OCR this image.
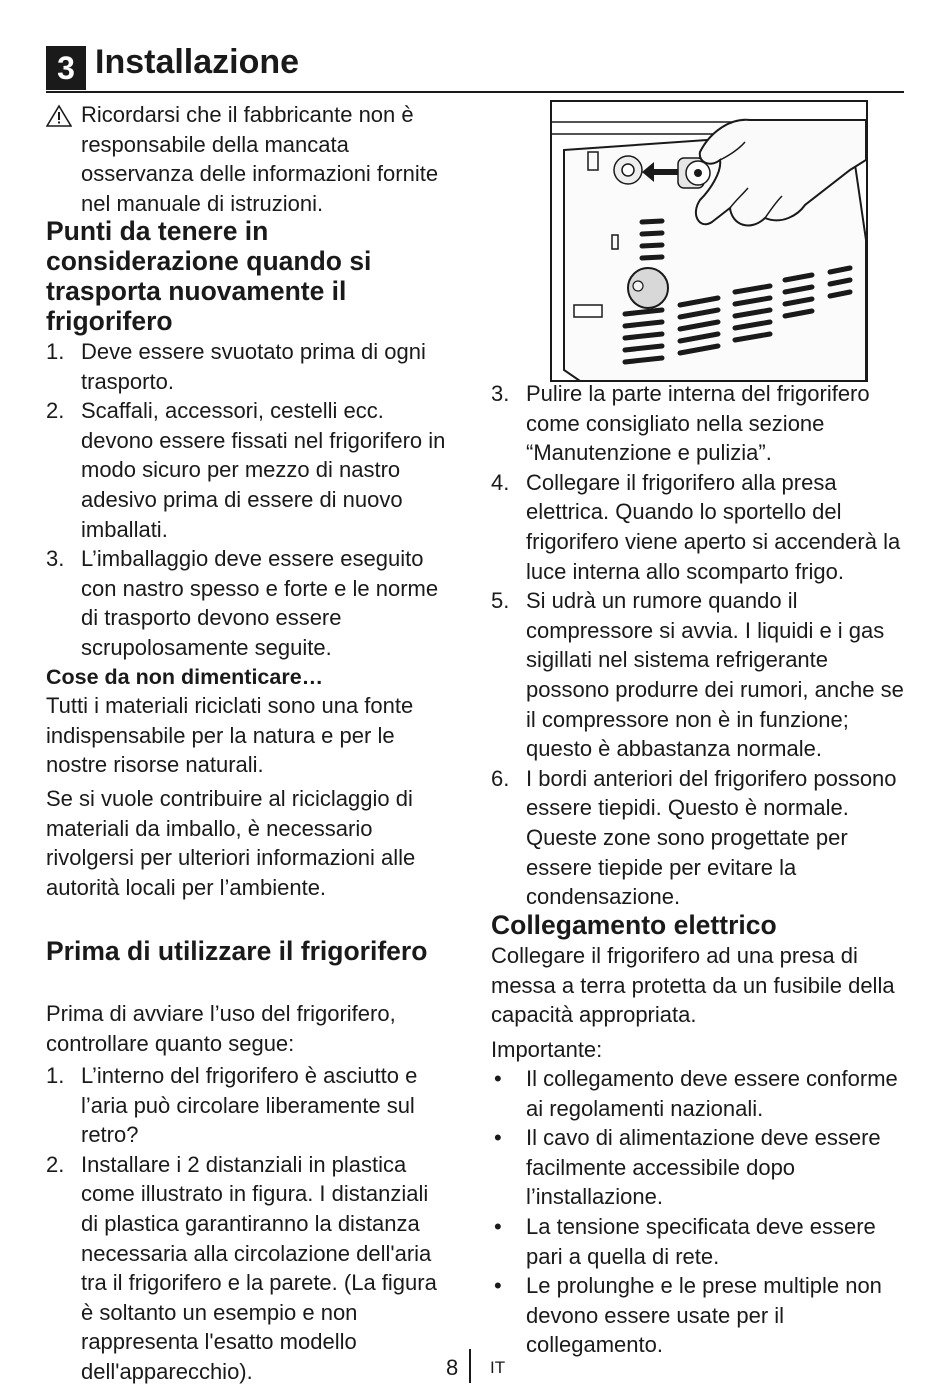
3 Installazione
Ricordarsi che il fabbricante non è responsabile della mancata osservanza delle informazioni fornite nel manuale di istruzioni.
Punti da tenere in considerazione quando si trasporta nuovamente il frigorifero
1. Deve essere svuotato prima di ogni trasporto.
2. Scaffali, accessori, cestelli ecc. devono essere fissati nel frigorifero in modo sicuro per mezzo di nastro adesivo prima di essere di nuovo imballati.
3. L’imballaggio deve essere eseguito con nastro spesso e forte e le norme di trasporto devono essere scrupolosamente seguite.
Cose da non dimenticare…
Tutti i materiali riciclati sono una fonte indispensabile per la natura e per le nostre risorse naturali.
Se si vuole contribuire al riciclaggio di materiali da imballo, è necessario rivolgersi per ulteriori informazioni alle autorità locali per l’ambiente.
Prima di utilizzare il frigorifero
Prima di avviare l’uso del frigorifero, controllare quanto segue:
1. L’interno del frigorifero è asciutto e l’aria può circolare liberamente sul retro?
2. Installare i 2 distanziali in plastica come illustrato in figura. I distanziali di plastica garantiranno la distanza necessaria alla circolazione dell'aria tra il frigorifero e la parete. (La figura è soltanto un esempio e non rappresenta l'esatto modello dell'apparecchio).
3. Pulire la parte interna del frigorifero come consigliato nella sezione “Manutenzione e pulizia”.
4. Collegare il frigorifero alla presa elettrica. Quando lo sportello del frigorifero viene aperto si accenderà la luce interna allo scomparto frigo.
5. Si udrà un rumore quando il compressore si avvia. I liquidi e i gas sigillati nel sistema refrigerante possono produrre dei rumori, anche se il compressore non è in funzione; questo è abbastanza normale.
6. I bordi anteriori del frigorifero possono essere tiepidi. Questo è normale. Queste zone sono progettate per essere tiepide per evitare la condensazione.
Collegamento elettrico
Collegare il frigorifero ad una presa di messa a terra protetta da un fusibile della capacità appropriata.
Importante:
• Il collegamento deve essere conforme ai regolamenti nazionali.
• Il cavo di alimentazione deve essere facilmente accessibile dopo l’installazione.
• La tensione specificata deve essere pari a quella di rete.
• Le prolunghe e le prese multiple non devono essere usate per il collegamento.
8 IT
